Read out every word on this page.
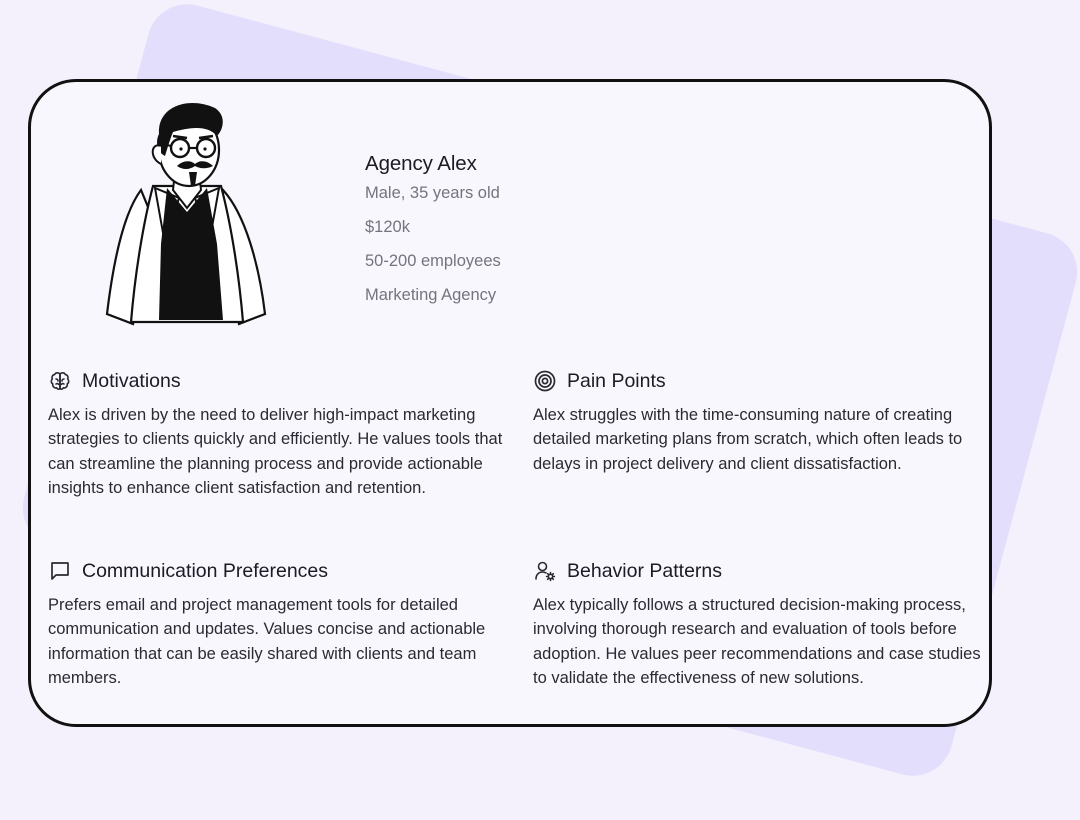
Agency Alex
Male, 35 years old
$120k
50-200 employees
Marketing Agency
Motivations
Alex is driven by the need to deliver high-impact marketing strategies to clients quickly and efficiently. He values tools that can streamline the planning process and provide actionable insights to enhance client satisfaction and retention.
Pain Points
Alex struggles with the time-consuming nature of creating detailed marketing plans from scratch, which often leads to delays in project delivery and client dissatisfaction.
Communication Preferences
Prefers email and project management tools for detailed communication and updates. Values concise and actionable information that can be easily shared with clients and team members.
Behavior Patterns
Alex typically follows a structured decision-making process, involving thorough research and evaluation of tools before adoption. He values peer recommendations and case studies to validate the effectiveness of new solutions.
